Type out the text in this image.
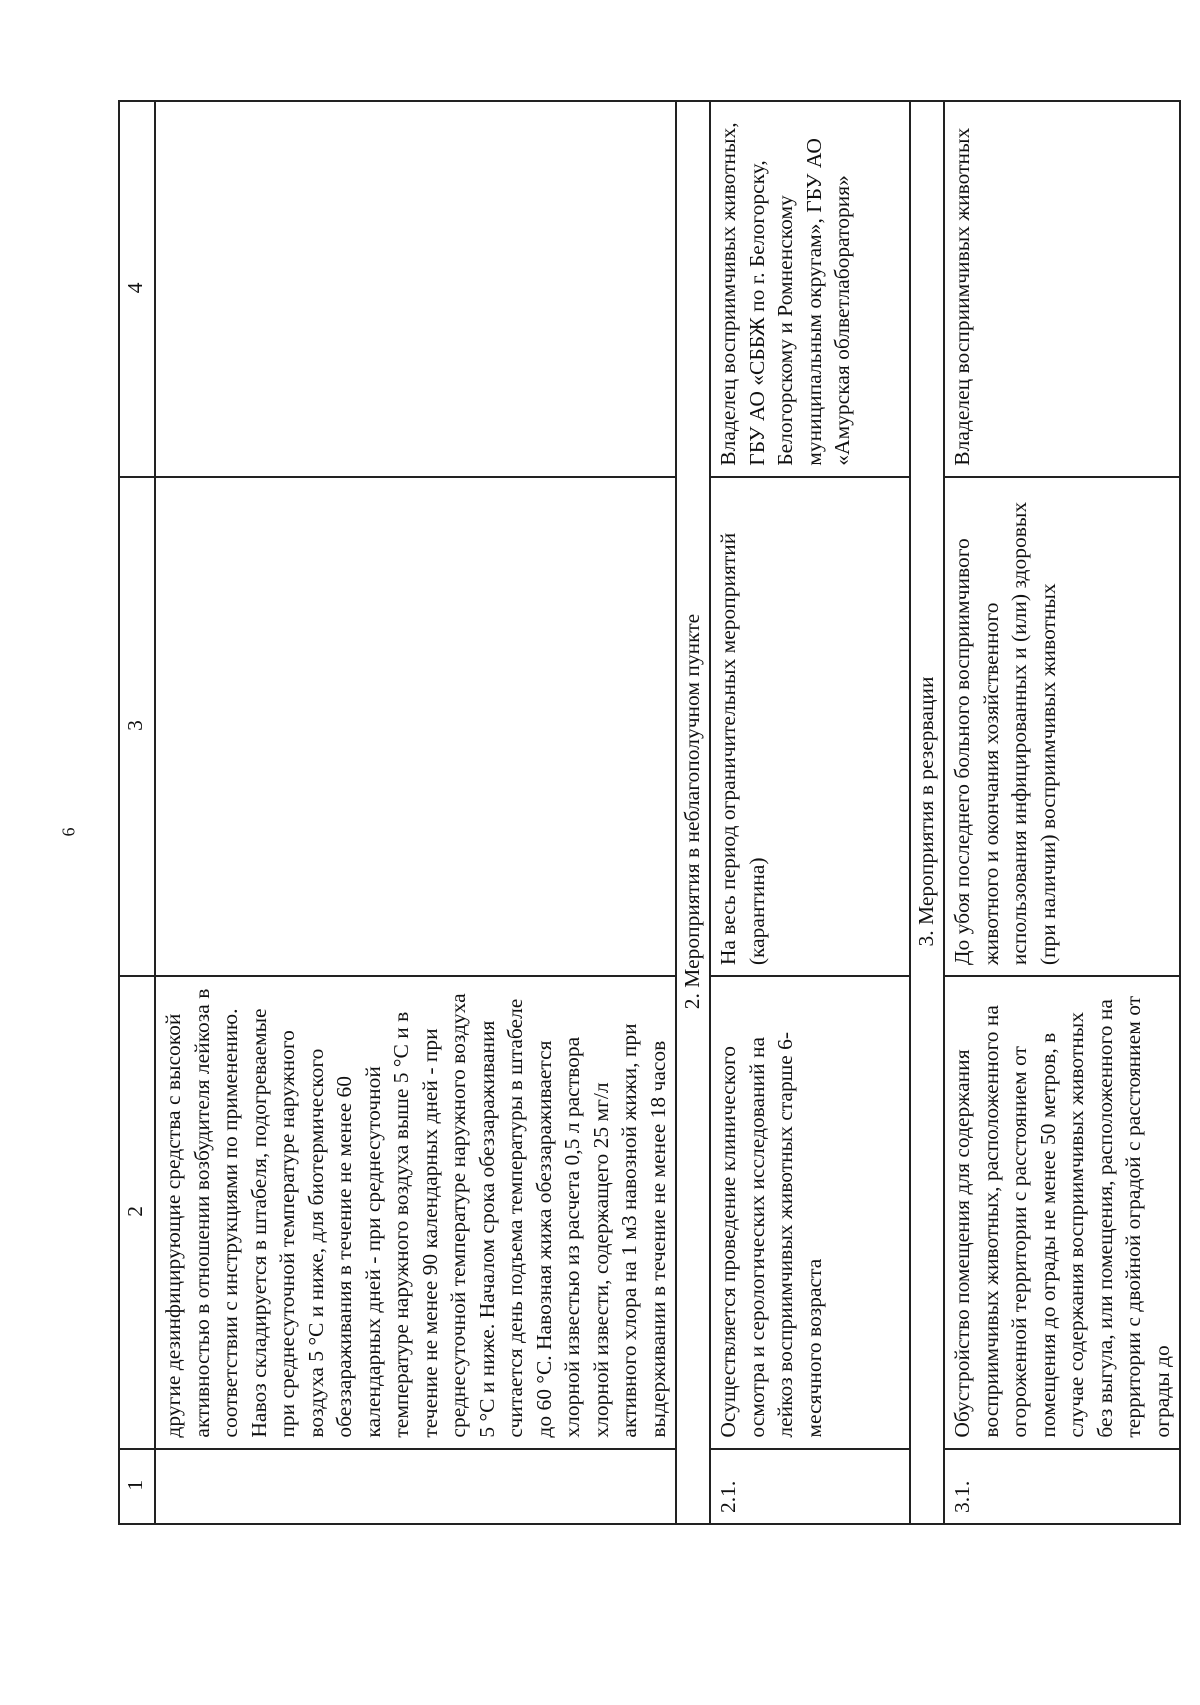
6
1	2	3	4
	другие дезинфицирующие средства с высокой активностью в отношении возбудителя лейкоза в соответствии с инструкциями по применению. Навоз складируется в штабеля, подогреваемые при среднесуточной температуре наружного воздуха 5 °С и ниже, для биотермического обеззараживания в течение не менее 60 календарных дней - при среднесуточной температуре наружного воздуха выше 5 °С и в течение не менее 90 календарных дней - при среднесуточной температуре наружного воздуха 5 °С и ниже. Началом срока обеззараживания считается день подъема температуры в штабеле до 60 °С. Навозная жижа обеззараживается хлорной известью из расчета 0,5 л раствора хлорной извести, содержащего 25 мг/л активного хлора на 1 м3 навозной жижи, при выдерживании в течение не менее 18 часов		
2. Мероприятия в неблагополучном пункте			
2.1.	Осуществляется проведение клинического осмотра и серологических исследований на лейкоз восприимчивых животных старше 6-месячного возраста	На весь период ограничительных мероприятий (карантина)	Владелец восприимчивых животных, ГБУ АО «СББЖ по г. Белогорску, Белогорскому и Ромненскому муниципальным округам», ГБУ АО «Амурская облветлаборатория»
3. Мероприятия в резервации			
3.1.	Обустройство помещения для содержания восприимчивых животных, расположенного на огороженной территории с расстоянием от помещения до ограды не менее 50 метров, в случае содержания восприимчивых животных без выгула, или помещения, расположенного на территории с двойной оградой с расстоянием от ограды до	До убоя последнего больного восприимчивого животного и окончания хозяйственного использования инфицированных и (или) здоровых (при наличии) восприимчивых животных	Владелец восприимчивых животных
